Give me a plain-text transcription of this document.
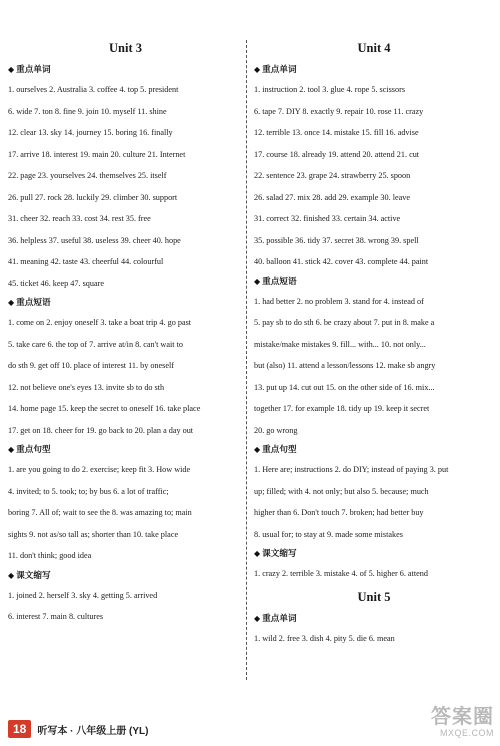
Unit 3
◆ 重点单词
1. ourselves 2. Australia 3. coffee 4. top 5. president
6. wide 7. ton 8. fine 9. join 10. myself 11. shine
12. clear 13. sky 14. journey 15. boring 16. finally
17. arrive 18. interest 19. main 20. culture 21. Internet
22. page 23. yourselves 24. themselves 25. itself
26. pull 27. rock 28. luckily 29. climber 30. support
31. cheer 32. reach 33. cost 34. rest 35. free
36. helpless 37. useful 38. useless 39. cheer 40. hope
41. meaning 42. taste 43. cheerful 44. colourful
45. ticket 46. keep 47. square
◆ 重点短语
1. come on 2. enjoy oneself 3. take a boat trip 4. go past
5. take care 6. the top of 7. arrive at/in 8. can't wait to
do sth 9. get off 10. place of interest 11. by oneself
12. not believe one's eyes 13. invite sb to do sth
14. home page 15. keep the secret to oneself 16. take place
17. get on 18. cheer for 19. go back to 20. plan a day out
◆ 重点句型
1. are you going to do 2. exercise; keep fit 3. How wide
4. invited; to 5. took; to; by bus 6. a lot of traffic;
boring 7. All of; wait to see the 8. was amazing to; main
sights 9. not as/so tall as; shorter than 10. take place
11. don't think; good idea
◆ 课文缩写
1. joined 2. herself 3. sky 4. getting 5. arrived
6. interest 7. main 8. cultures
Unit 4
◆ 重点单词
1. instruction 2. tool 3. glue 4. rope 5. scissors
6. tape 7. DIY 8. exactly 9. repair 10. rose 11. crazy
12. terrible 13. once 14. mistake 15. fill 16. advise
17. course 18. already 19. attend 20. attend 21. cut
22. sentence 23. grape 24. strawberry 25. spoon
26. salad 27. mix 28. add 29. example 30. leave
31. correct 32. finished 33. certain 34. active
35. possible 36. tidy 37. secret 38. wrong 39. spell
40. balloon 41. stick 42. cover 43. complete 44. paint
◆ 重点短语
1. had better 2. no problem 3. stand for 4. instead of
5. pay sb to do sth 6. be crazy about 7. put in 8. make a
mistake/make mistakes 9. fill... with... 10. not only...
but (also) 11. attend a lesson/lessons 12. make sb angry
13. put up 14. cut out 15. on the other side of 16. mix...
together 17. for example 18. tidy up 19. keep it secret
20. go wrong
◆ 重点句型
1. Here are; instructions 2. do DIY; instead of paying 3. put
up; filled; with 4. not only; but also 5. because; much
higher than 6. Don't touch 7. broken; had better buy
8. usual for; to stay at 9. made some mistakes
◆ 课文缩写
1. crazy 2. terrible 3. mistake 4. of 5. higher 6. attend
Unit 5
◆ 重点单词
1. wild 2. free 3. dish 4. pity 5. die 6. mean
18	听写本 · 八年级上册 (YL)
答案圈
MXQE.COM
